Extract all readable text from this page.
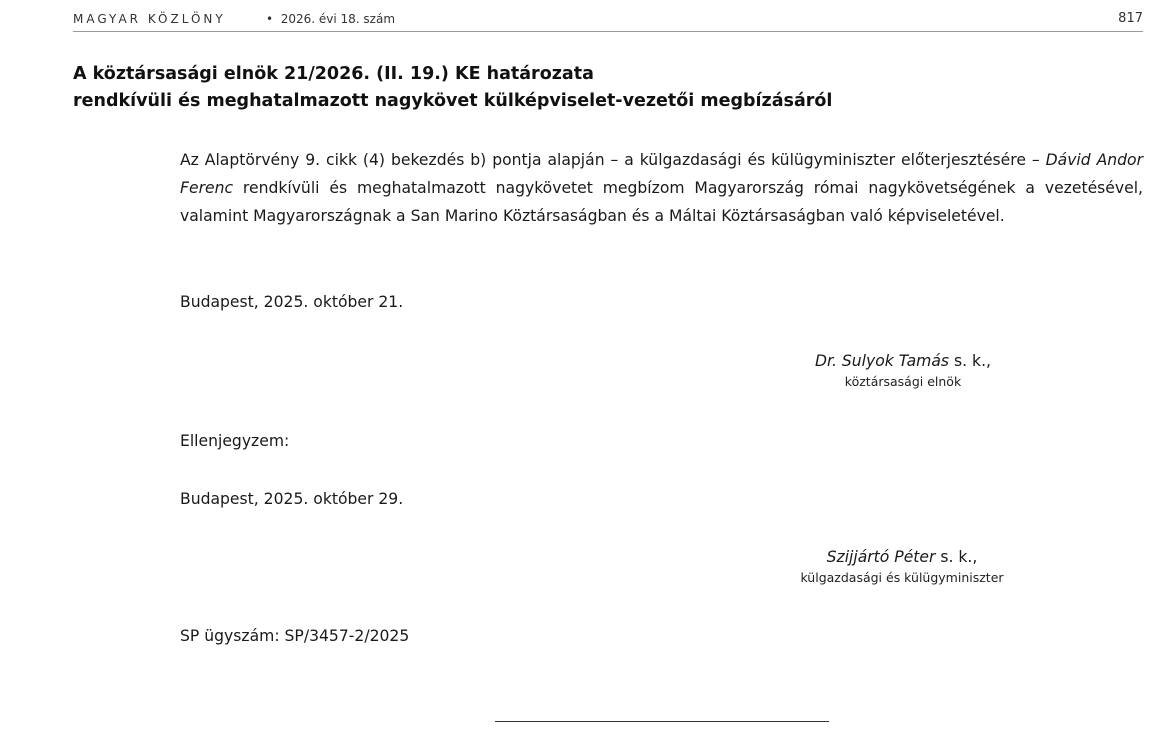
MAGYAR KÖZLÖNY	• 2026. évi 18. szám	817
A köztársasági elnök 21/2026. (II. 19.) KE határozata
rendkívüli és meghatalmazott nagykövet külképviselet-vezetői megbízásáról
Az Alaptörvény 9. cikk (4) bekezdés b) pontja alapján – a külgazdasági és külügyminiszter előterjesztésére – Dávid Andor Ferenc rendkívüli és meghatalmazott nagykövetet megbízom Magyarország római nagykövetségének a vezetésével, valamint Magyarországnak a San Marino Köztársaságban és a Máltai Köztársaságban való képviseletével.
Budapest, 2025. október 21.
Dr. Sulyok Tamás s. k.,
köztársasági elnök
Ellenjegyzem:
Budapest, 2025. október 29.
Szijjártó Péter s. k.,
külgazdasági és külügyminiszter
SP ügyszám: SP/3457-2/2025
